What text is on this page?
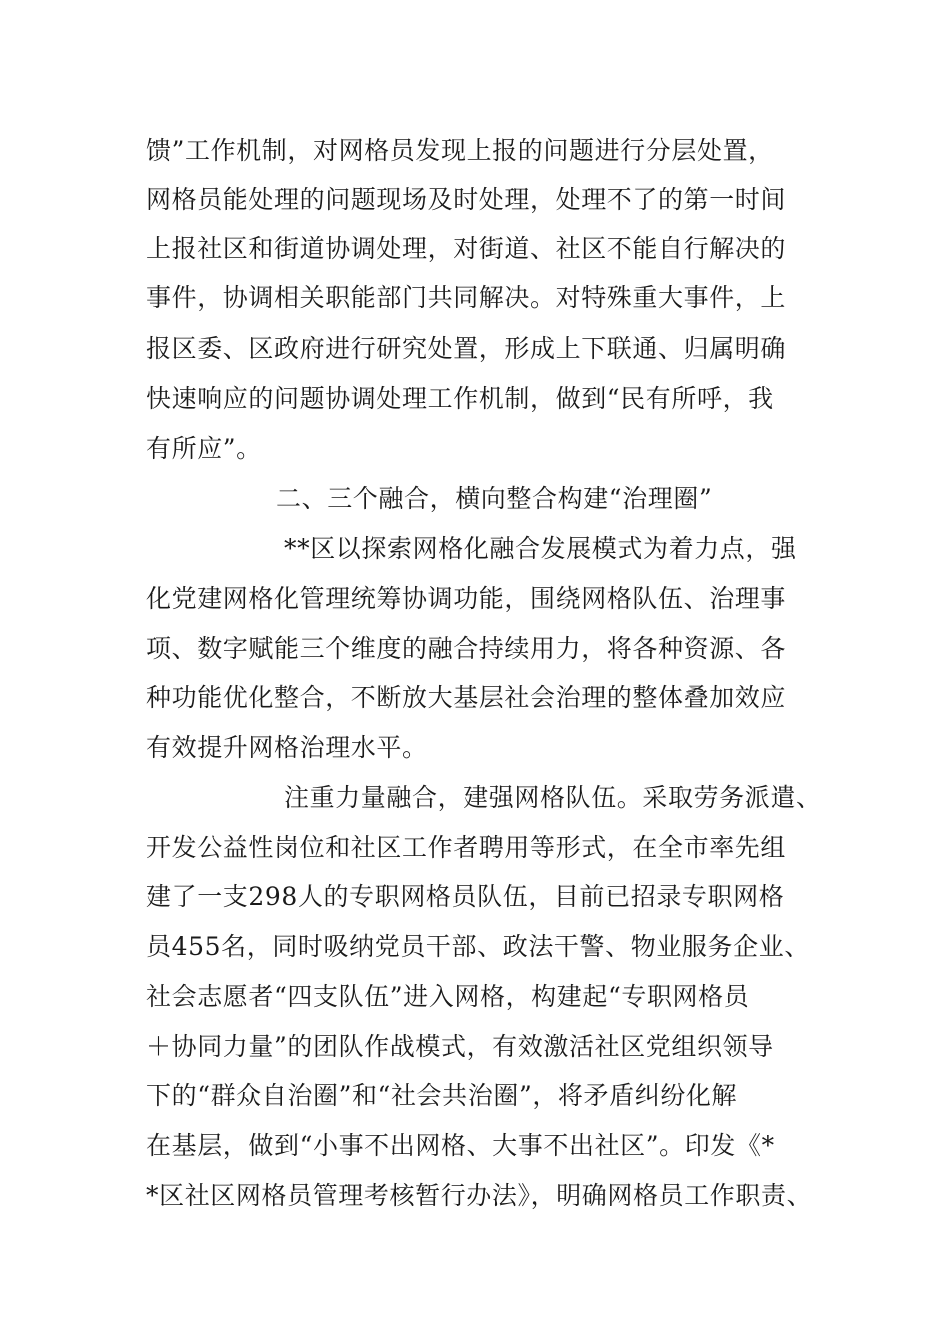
馈”工作机制，对网格员发现上报的问题进行分层处置，
网格员能处理的问题现场及时处理，处理不了的第一时间
上报社区和街道协调处理，对街道、社区不能自行解决的
事件，协调相关职能部门共同解决。对特殊重大事件，上
报区委、区政府进行研究处置，形成上下联通、归属明确
快速响应的问题协调处理工作机制，做到“民有所呼，我
有所应”。
二、三个融合，横向整合构建“治理圈”
**区以探索网格化融合发展模式为着力点，强
化党建网格化管理统筹协调功能，围绕网格队伍、治理事
项、数字赋能三个维度的融合持续用力，将各种资源、各
种功能优化整合，不断放大基层社会治理的整体叠加效应
有效提升网格治理水平。
注重力量融合，建强网格队伍。采取劳务派遣、
开发公益性岗位和社区工作者聘用等形式，在全市率先组
建了一支298人的专职网格员队伍，目前已招录专职网格
员455名，同时吸纳党员干部、政法干警、物业服务企业、
社会志愿者“四支队伍”进入网格，构建起“专职网格员
＋协同力量”的团队作战模式，有效激活社区党组织领导
下的“群众自治圈”和“社会共治圈”，将矛盾纠纷化解
在基层，做到“小事不出网格、大事不出社区”。印发《*
*区社区网格员管理考核暂行办法》，明确网格员工作职责、
